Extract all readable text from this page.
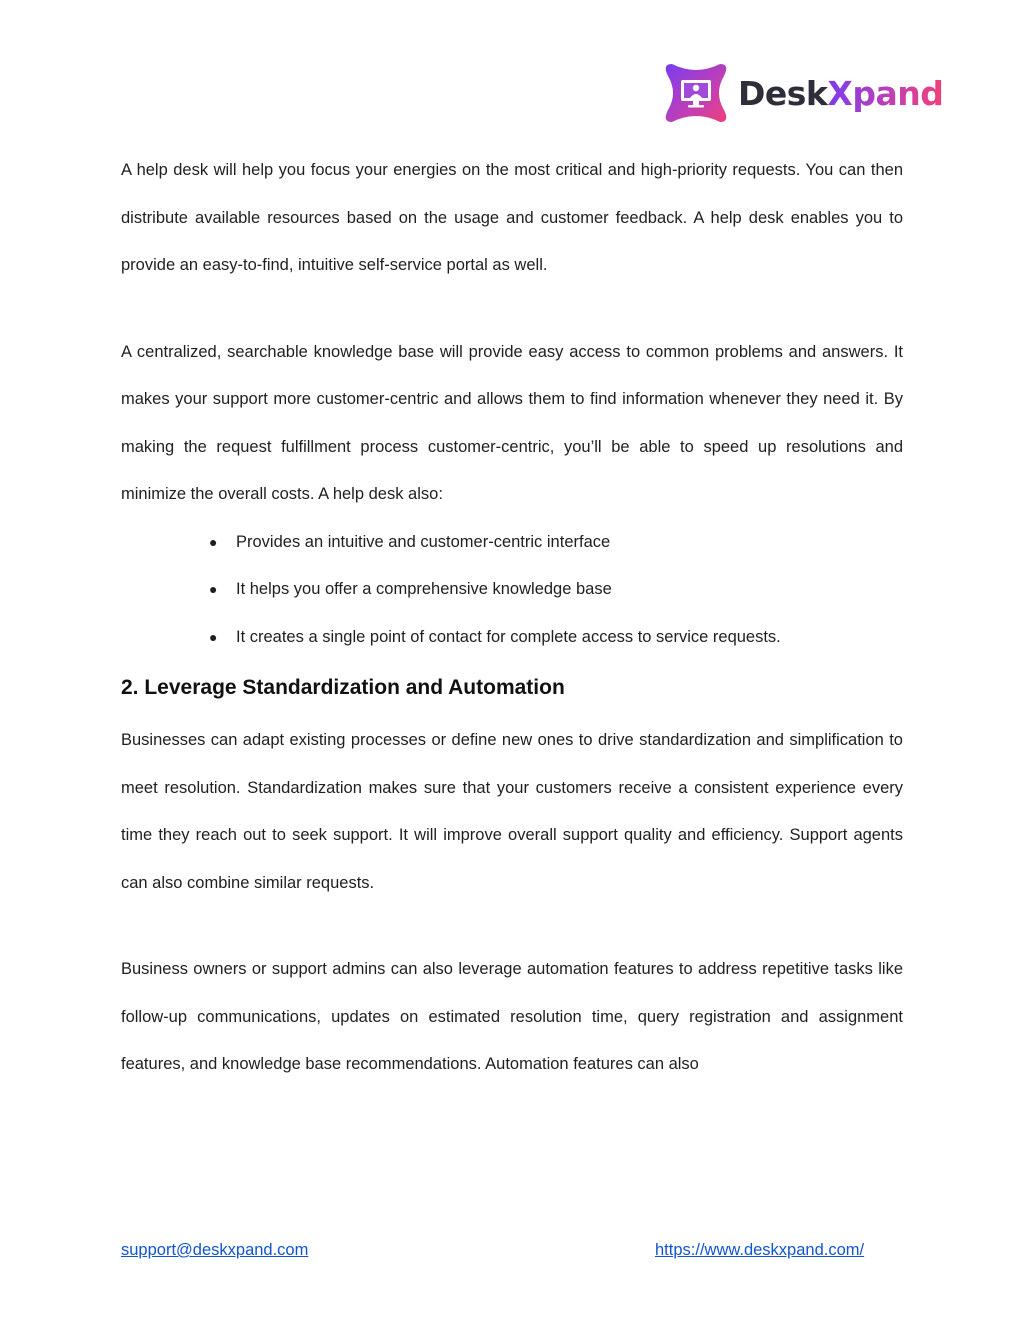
DeskXpand

A help desk will help you focus your energies on the most critical and high-priority requests. You can then distribute available resources based on the usage and customer feedback. A help desk enables you to provide an easy-to-find, intuitive self-service portal as well.

A centralized, searchable knowledge base will provide easy access to common problems and answers. It makes your support more customer-centric and allows them to find information whenever they need it. By making the request fulfillment process customer-centric, you’ll be able to speed up resolutions and minimize the overall costs. A help desk also:

● Provides an intuitive and customer-centric interface
● It helps you offer a comprehensive knowledge base
● It creates a single point of contact for complete access to service requests.
2. Leverage Standardization and Automation

Businesses can adapt existing processes or define new ones to drive standardization and simplification to meet resolution. Standardization makes sure that your customers receive a consistent experience every time they reach out to seek support. It will improve overall support quality and efficiency. Support agents can also combine similar requests.

Business owners or support admins can also leverage automation features to address repetitive tasks like follow-up communications, updates on estimated resolution time, query registration and assignment features, and knowledge base recommendations. Automation features can also

support@deskxpand.com	https://www.deskxpand.com/
